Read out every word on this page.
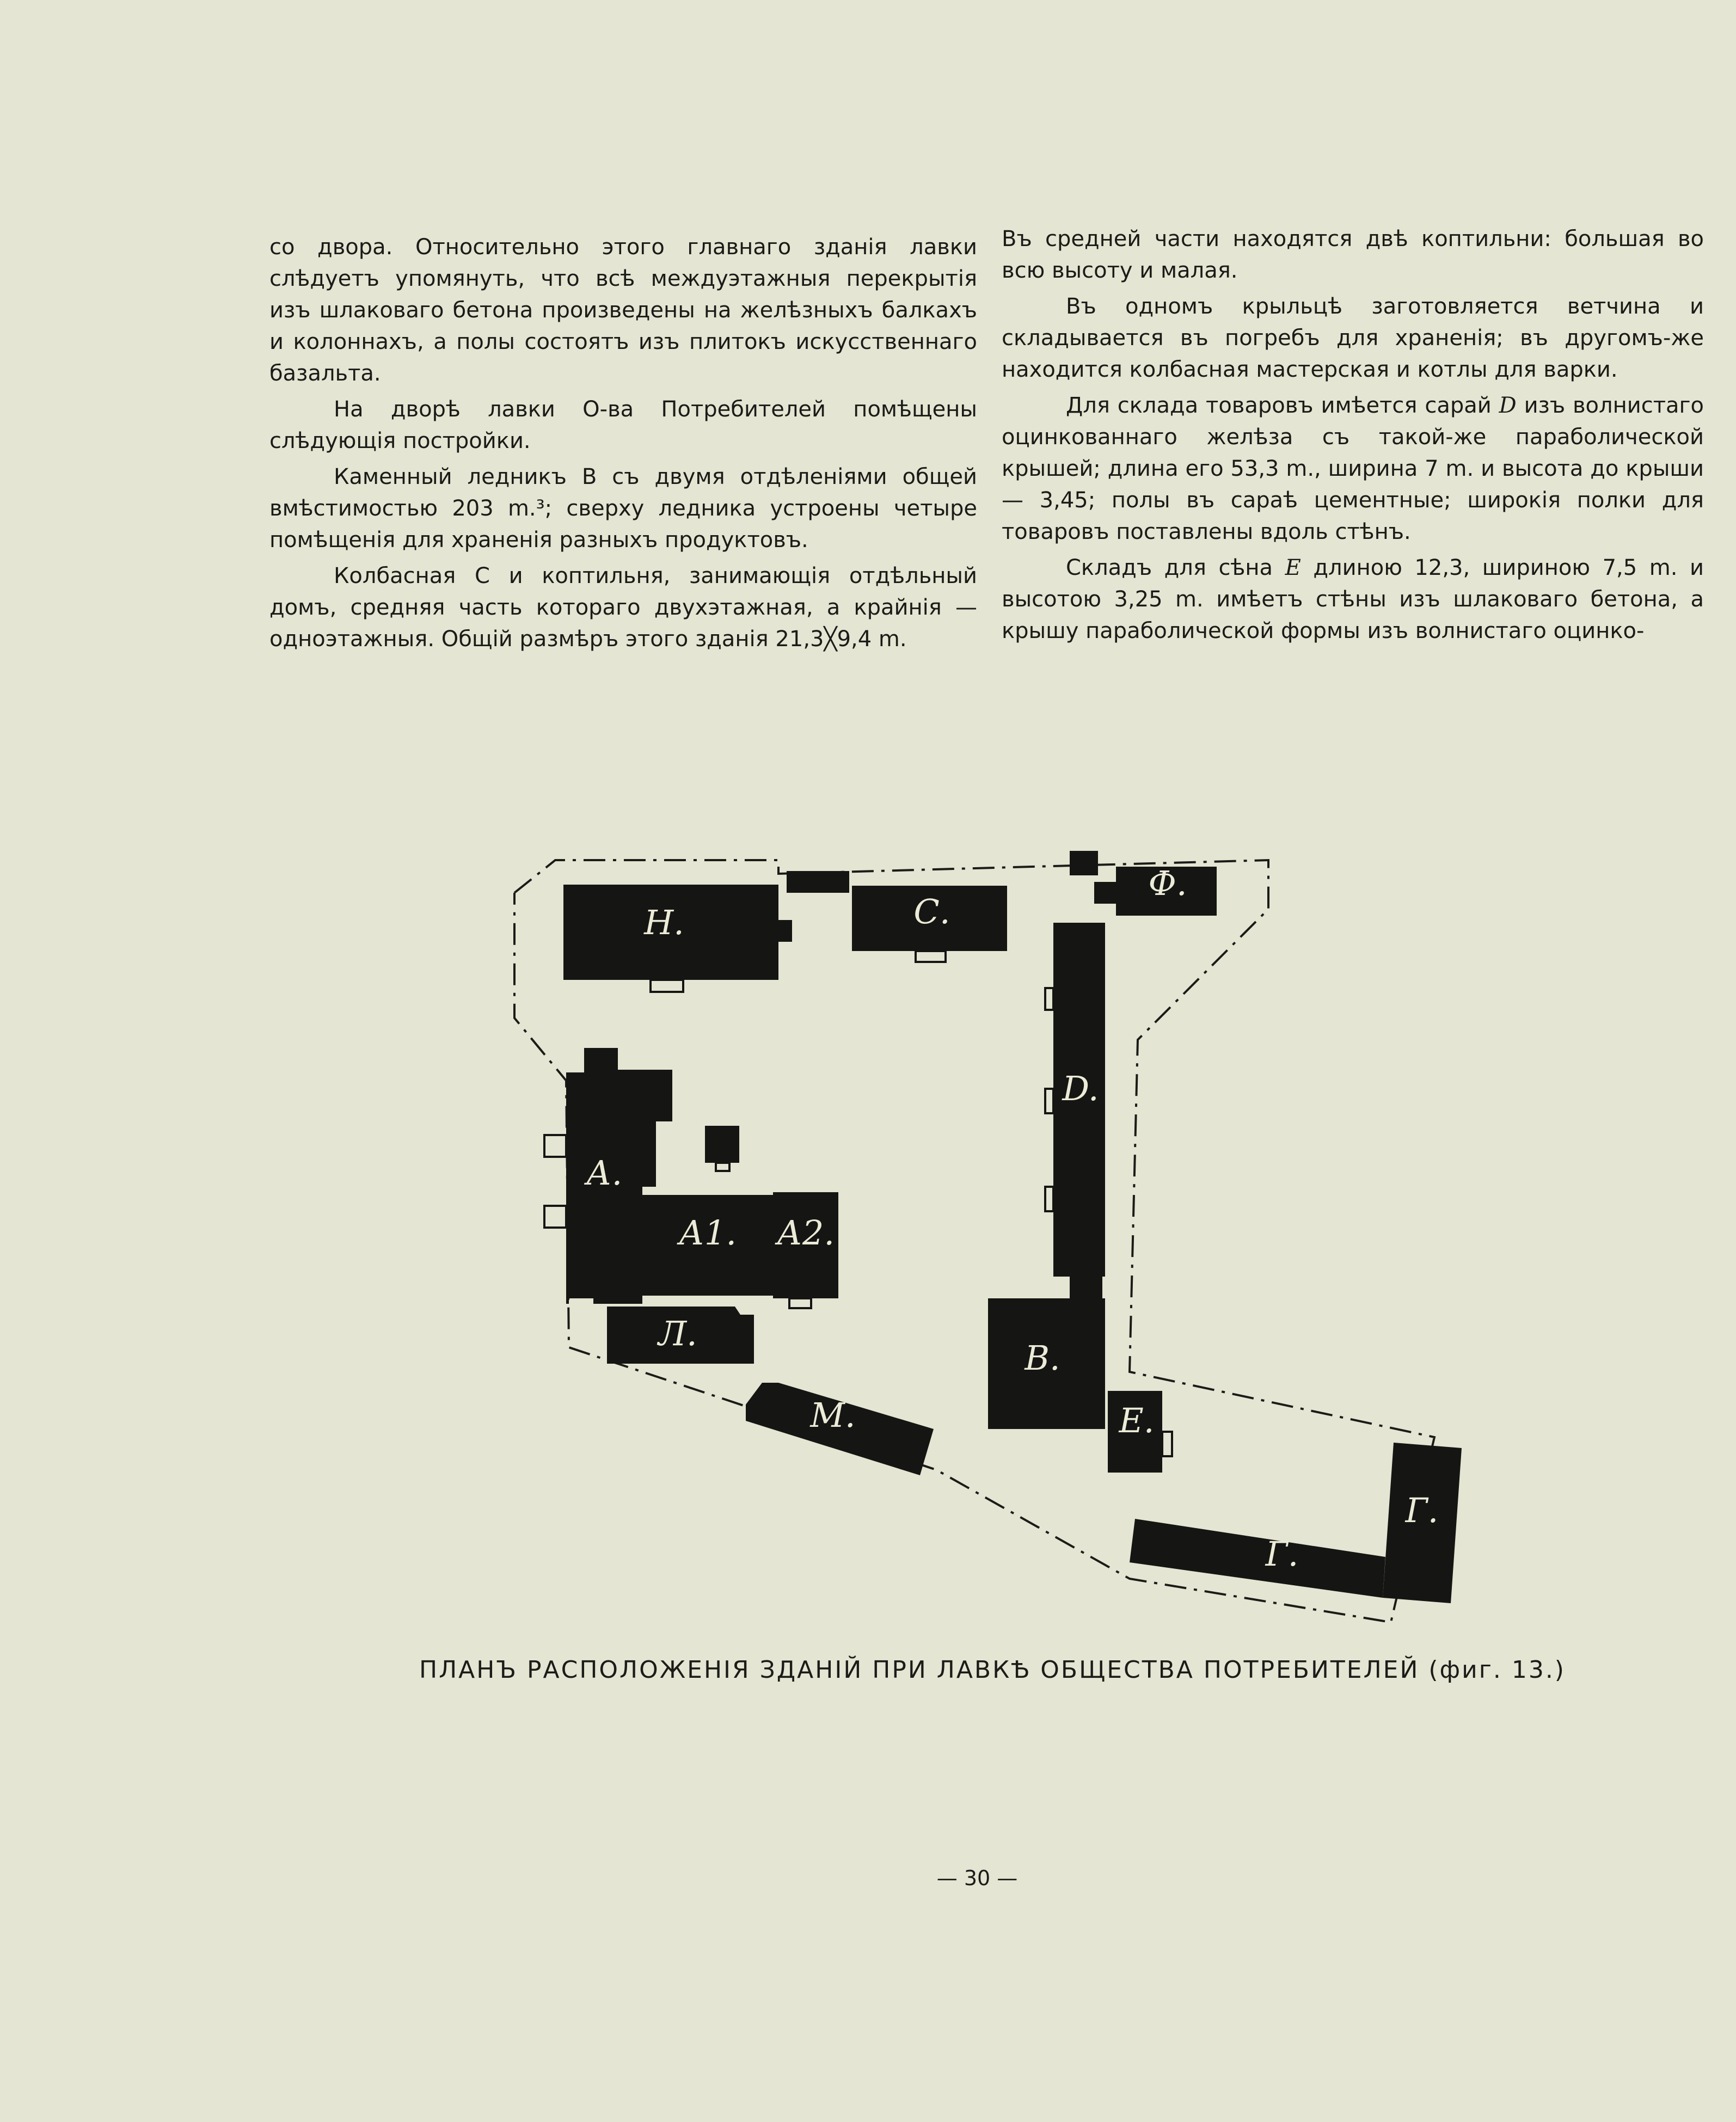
со двора. Относительно этого главнаго зданія лавки слѣдуетъ упомянуть, что всѣ междуэтажныя перекрытія изъ шлаковаго бетона произведены на желѣзныхъ балкахъ и колоннахъ, а полы состоятъ изъ плитокъ искусственнаго базальта.

На дворѣ лавки О-ва Потребителей помѣщены слѣдующія постройки.

Каменный ледникъ В съ двумя отдѣленіями общей вмѣстимостью 203 m.³; сверху ледника устроены четыре помѣщенія для храненія разныхъ продуктовъ.

Колбасная С и коптильня, занимающія отдѣльный домъ, средняя часть котораго двухэтажная, а крайнія — одноэтажныя. Общій размѣръ этого зданія 21,3╳9,4 m.

Въ средней части находятся двѣ коптильни: большая во всю высоту и малая.

Въ одномъ крыльцѣ заготовляется ветчина и складывается въ погребъ для храненія; въ другомъ-же находится колбасная мастерская и котлы для варки.

Для склада товаровъ имѣется сарай D изъ волнистаго оцинкованнаго желѣза съ такой-же параболической крышей; длина его 53,3 m., ширина 7 m. и высота до крыши — 3,45; полы въ сараѣ цементные; широкія полки для товаровъ поставлены вдоль стѣнъ.

Складъ для сѣна E длиною 12,3, шириною 7,5 m. и высотою 3,25 m. имѣетъ стѣны изъ шлаковаго бетона, а крышу параболической формы изъ волнистаго оцинко-

Н.	С.
Ф.
D.
А.
А1. А2.
Л.
М.
В.
Е.
Г.
Г.
ПЛАНЪ РАСПОЛОЖЕНІЯ ЗДАНІЙ ПРИ ЛАВКѢ ОБЩЕСТВА ПОТРЕБИТЕЛЕЙ (фиг. 13.)
— 30 —
